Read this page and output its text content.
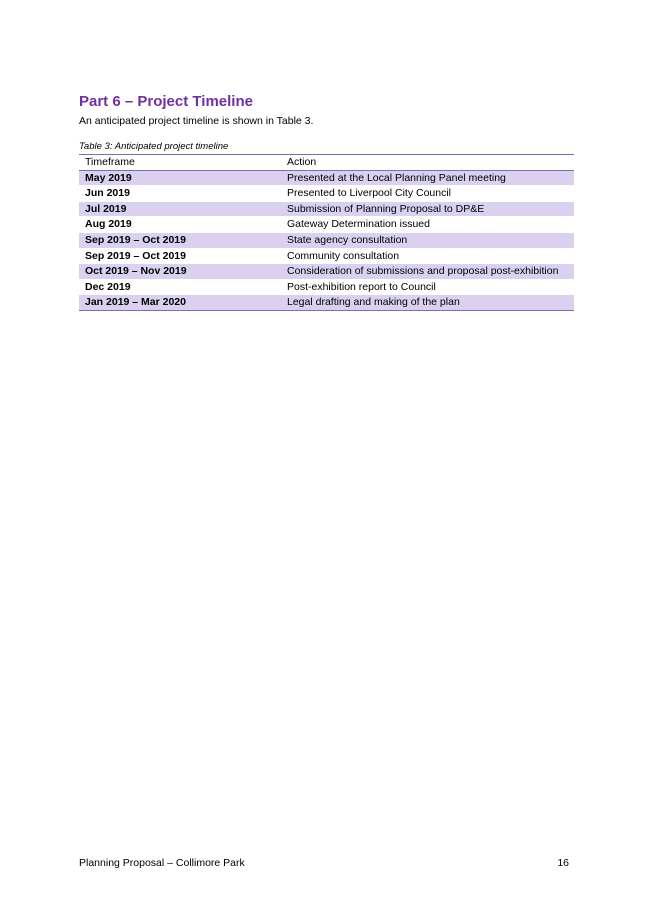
Part 6 – Project Timeline

An anticipated project timeline is shown in Table 3.

Table 3: Anticipated project timeline

Timeframe	Action
May 2019	Presented at the Local Planning Panel meeting
Jun 2019	Presented to Liverpool City Council
Jul 2019	Submission of Planning Proposal to DP&E
Aug 2019	Gateway Determination issued
Sep 2019 – Oct 2019	State agency consultation
Sep 2019 – Oct 2019	Community consultation
Oct 2019 – Nov 2019	Consideration of submissions and proposal post-exhibition
Dec 2019	Post-exhibition report to Council
Jan 2019 – Mar 2020	Legal drafting and making of the plan

Planning Proposal – Collimore Park	16
